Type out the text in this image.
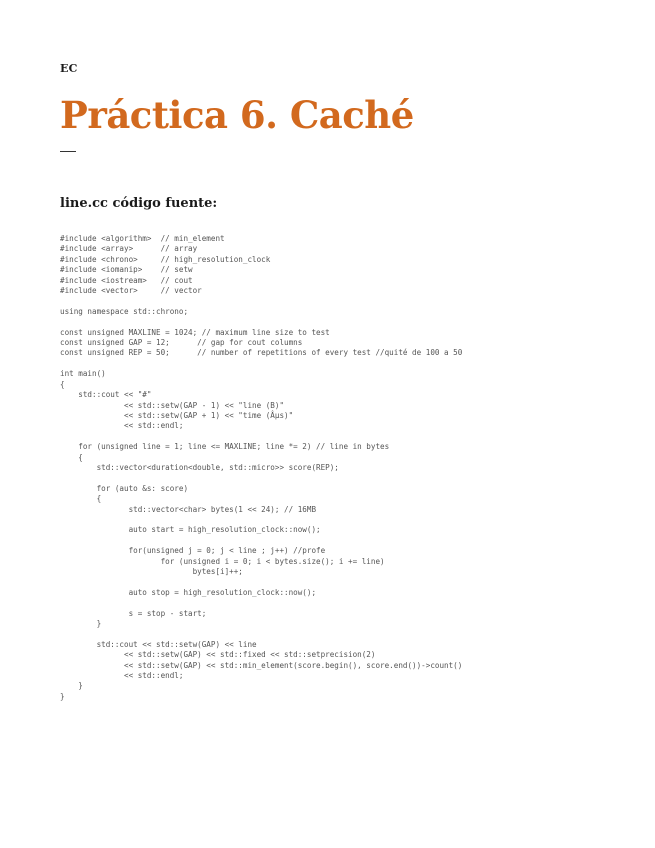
EC
Práctica 6. Caché
line.cc código fuente:
#include <algorithm>  // min_element
#include <array>      // array
#include <chrono>     // high_resolution_clock
#include <iomanip>    // setw
#include <iostream>   // cout
#include <vector>     // vector

using namespace std::chrono;

const unsigned MAXLINE = 1024; // maximum line size to test
const unsigned GAP = 12;      // gap for cout columns
const unsigned REP = 50;      // number of repetitions of every test //quité de 100 a 50

int main()
{
std::cout << "#"
<< std::setw(GAP - 1) << "line (B)"
<< std::setw(GAP + 1) << "time (Âµs)"
<< std::endl;

for (unsigned line = 1; line <= MAXLINE; line *= 2) // line in bytes
{
std::vector<duration<double, std::micro>> score(REP);

for (auto &s: score)
{
std::vector<char> bytes(1 << 24); // 16MB

auto start = high_resolution_clock::now();

for(unsigned j = 0; j < line ; j++) //profe
for (unsigned i = 0; i < bytes.size(); i += line)
bytes[i]++;

auto stop = high_resolution_clock::now();

s = stop - start;
}

std::cout << std::setw(GAP) << line
<< std::setw(GAP) << std::fixed << std::setprecision(2)
<< std::setw(GAP) << std::min_element(score.begin(), score.end())->count()
<< std::endl;
}
}
